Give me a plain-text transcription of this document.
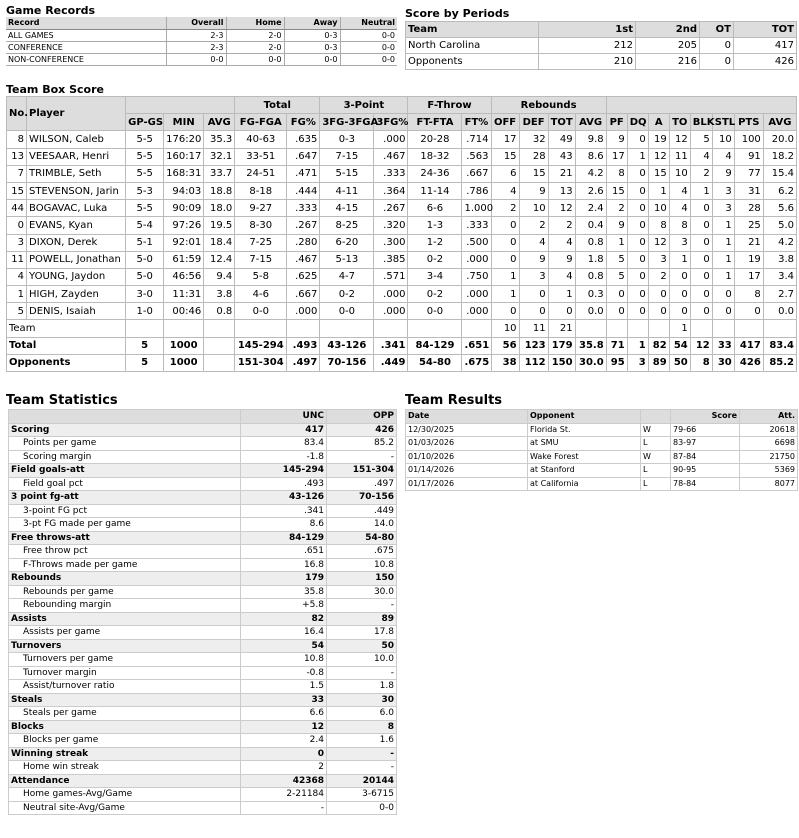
Game Records
Record	Overall	Home	Away	Neutral
ALL GAMES	2-3	2-0	0-3	0-0
CONFERENCE	2-3	2-0	0-3	0-0
NON-CONFERENCE	0-0	0-0	0-0	0-0
Score by Periods
Team	1st	2nd	OT	TOT
North Carolina	212	205	0	417
Opponents	210	216	0	426
Team Box Score
No.	Player				Total		3-Point		F-Throw		Rebounds											
		GP-GS	MIN	AVG	FG-FGA	FG%	3FG-3FGA	3FG%	FT-FTA	FT%	OFF	DEF	TOT	AVG	PF	DQ	A	TO	BLK	STL	PTS	AVG
8	WILSON, Caleb	5-5	176:20	35.3	40-63	.635	0-3	.000	20-28	.714	17	32	49	9.8	9	0	19	12	5	10	100	20.0
13	VEESAAR, Henri	5-5	160:17	32.1	33-51	.647	7-15	.467	18-32	.563	15	28	43	8.6	17	1	12	11	4	4	91	18.2
7	TRIMBLE, Seth	5-5	168:31	33.7	24-51	.471	5-15	.333	24-36	.667	6	15	21	4.2	8	0	15	10	2	9	77	15.4
15	STEVENSON, Jarin	5-3	94:03	18.8	8-18	.444	4-11	.364	11-14	.786	4	9	13	2.6	15	0	1	4	1	3	31	6.2
44	BOGAVAC, Luka	5-5	90:09	18.0	9-27	.333	4-15	.267	6-6	1.000	2	10	12	2.4	2	0	10	4	0	3	28	5.6
0	EVANS, Kyan	5-4	97:26	19.5	8-30	.267	8-25	.320	1-3	.333	0	2	2	0.4	9	0	8	8	0	1	25	5.0
3	DIXON, Derek	5-1	92:01	18.4	7-25	.280	6-20	.300	1-2	.500	0	4	4	0.8	1	0	12	3	0	1	21	4.2
11	POWELL, Jonathan	5-0	61:59	12.4	7-15	.467	5-13	.385	0-2	.000	0	9	9	1.8	5	0	3	1	0	1	19	3.8
4	YOUNG, Jaydon	5-0	46:56	9.4	5-8	.625	4-7	.571	3-4	.750	1	3	4	0.8	5	0	2	0	0	1	17	3.4
1	HIGH, Zayden	3-0	11:31	3.8	4-6	.667	0-2	.000	0-2	.000	1	0	1	0.3	0	0	0	0	0	0	8	2.7
5	DENIS, Isaiah	1-0	00:46	0.8	0-0	.000	0-0	.000	0-0	.000	0	0	0	0.0	0	0	0	0	0	0	0	0.0
Team											10	11	21					1				
Total		5	1000		145-294	.493	43-126	.341	84-129	.651	56	123	179	35.8	71	1	82	54	12	33	417	83.4
Opponents		5	1000		151-304	.497	70-156	.449	54-80	.675	38	112	150	30.0	95	3	89	50	8	30	426	85.2
Team Statistics
	UNC	OPP
Scoring	417	426
Points per game	83.4	85.2
Scoring margin	-1.8	-
Field goals-att	145-294	151-304
Field goal pct	.493	.497
3 point fg-att	43-126	70-156
3-point FG pct	.341	.449
3-pt FG made per game	8.6	14.0
Free throws-att	84-129	54-80
Free throw pct	.651	.675
F-Throws made per game	16.8	10.8
Rebounds	179	150
Rebounds per game	35.8	30.0
Rebounding margin	+5.8	-
Assists	82	89
Assists per game	16.4	17.8
Turnovers	54	50
Turnovers per game	10.8	10.0
Turnover margin	-0.8	-
Assist/turnover ratio	1.5	1.8
Steals	33	30
Steals per game	6.6	6.0
Blocks	12	8
Blocks per game	2.4	1.6
Winning streak	0	-
Home win streak	2	-
Attendance	42368	20144
Home games-Avg/Game	2-21184	3-6715
Neutral site-Avg/Game	-	0-0
Team Results
Date	Opponent		Score	Att.
12/30/2025	Florida St.	W	79-66	20618
01/03/2026	at SMU	L	83-97	6698
01/10/2026	Wake Forest	W	87-84	21750
01/14/2026	at Stanford	L	90-95	5369
01/17/2026	at California	L	78-84	8077
